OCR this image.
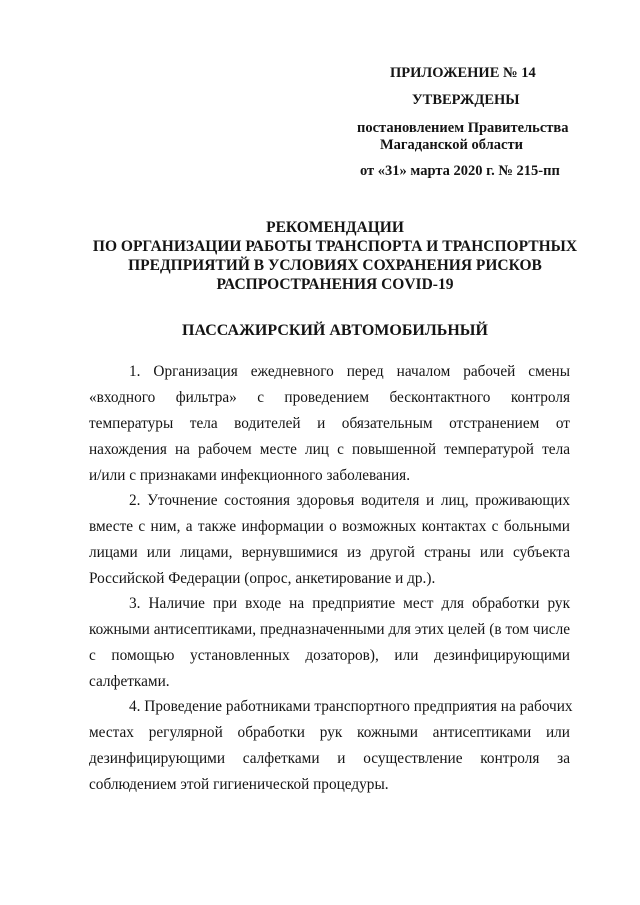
ПРИЛОЖЕНИЕ № 14
УТВЕРЖДЕНЫ
постановлением Правительства
Магаданской области
от «31» марта 2020 г. № 215-пп
РЕКОМЕНДАЦИИ
ПО ОРГАНИЗАЦИИ РАБОТЫ ТРАНСПОРТА И ТРАНСПОРТНЫХ
ПРЕДПРИЯТИЙ В УСЛОВИЯХ СОХРАНЕНИЯ РИСКОВ
РАСПРОСТРАНЕНИЯ COVID-19
ПАССАЖИРСКИЙ АВТОМОБИЛЬНЫЙ
1. Организация ежедневного перед началом рабочей смены
«входного фильтра» с проведением бесконтактного контроля
температуры тела водителей и обязательным отстранением от
нахождения на рабочем месте лиц с повышенной температурой тела
и/или с признаками инфекционного заболевания.
2. Уточнение состояния здоровья водителя и лиц, проживающих
вместе с ним, а также информации о возможных контактах с больными
лицами или лицами, вернувшимися из другой страны или субъекта
Российской Федерации (опрос, анкетирование и др.).
3. Наличие при входе на предприятие мест для обработки рук
кожными антисептиками, предназначенными для этих целей (в том числе
с помощью установленных дозаторов), или дезинфицирующими
салфетками.
4. Проведение работниками транспортного предприятия на рабочих
местах регулярной обработки рук кожными антисептиками или
дезинфицирующими салфетками и осуществление контроля за
соблюдением этой гигиенической процедуры.
